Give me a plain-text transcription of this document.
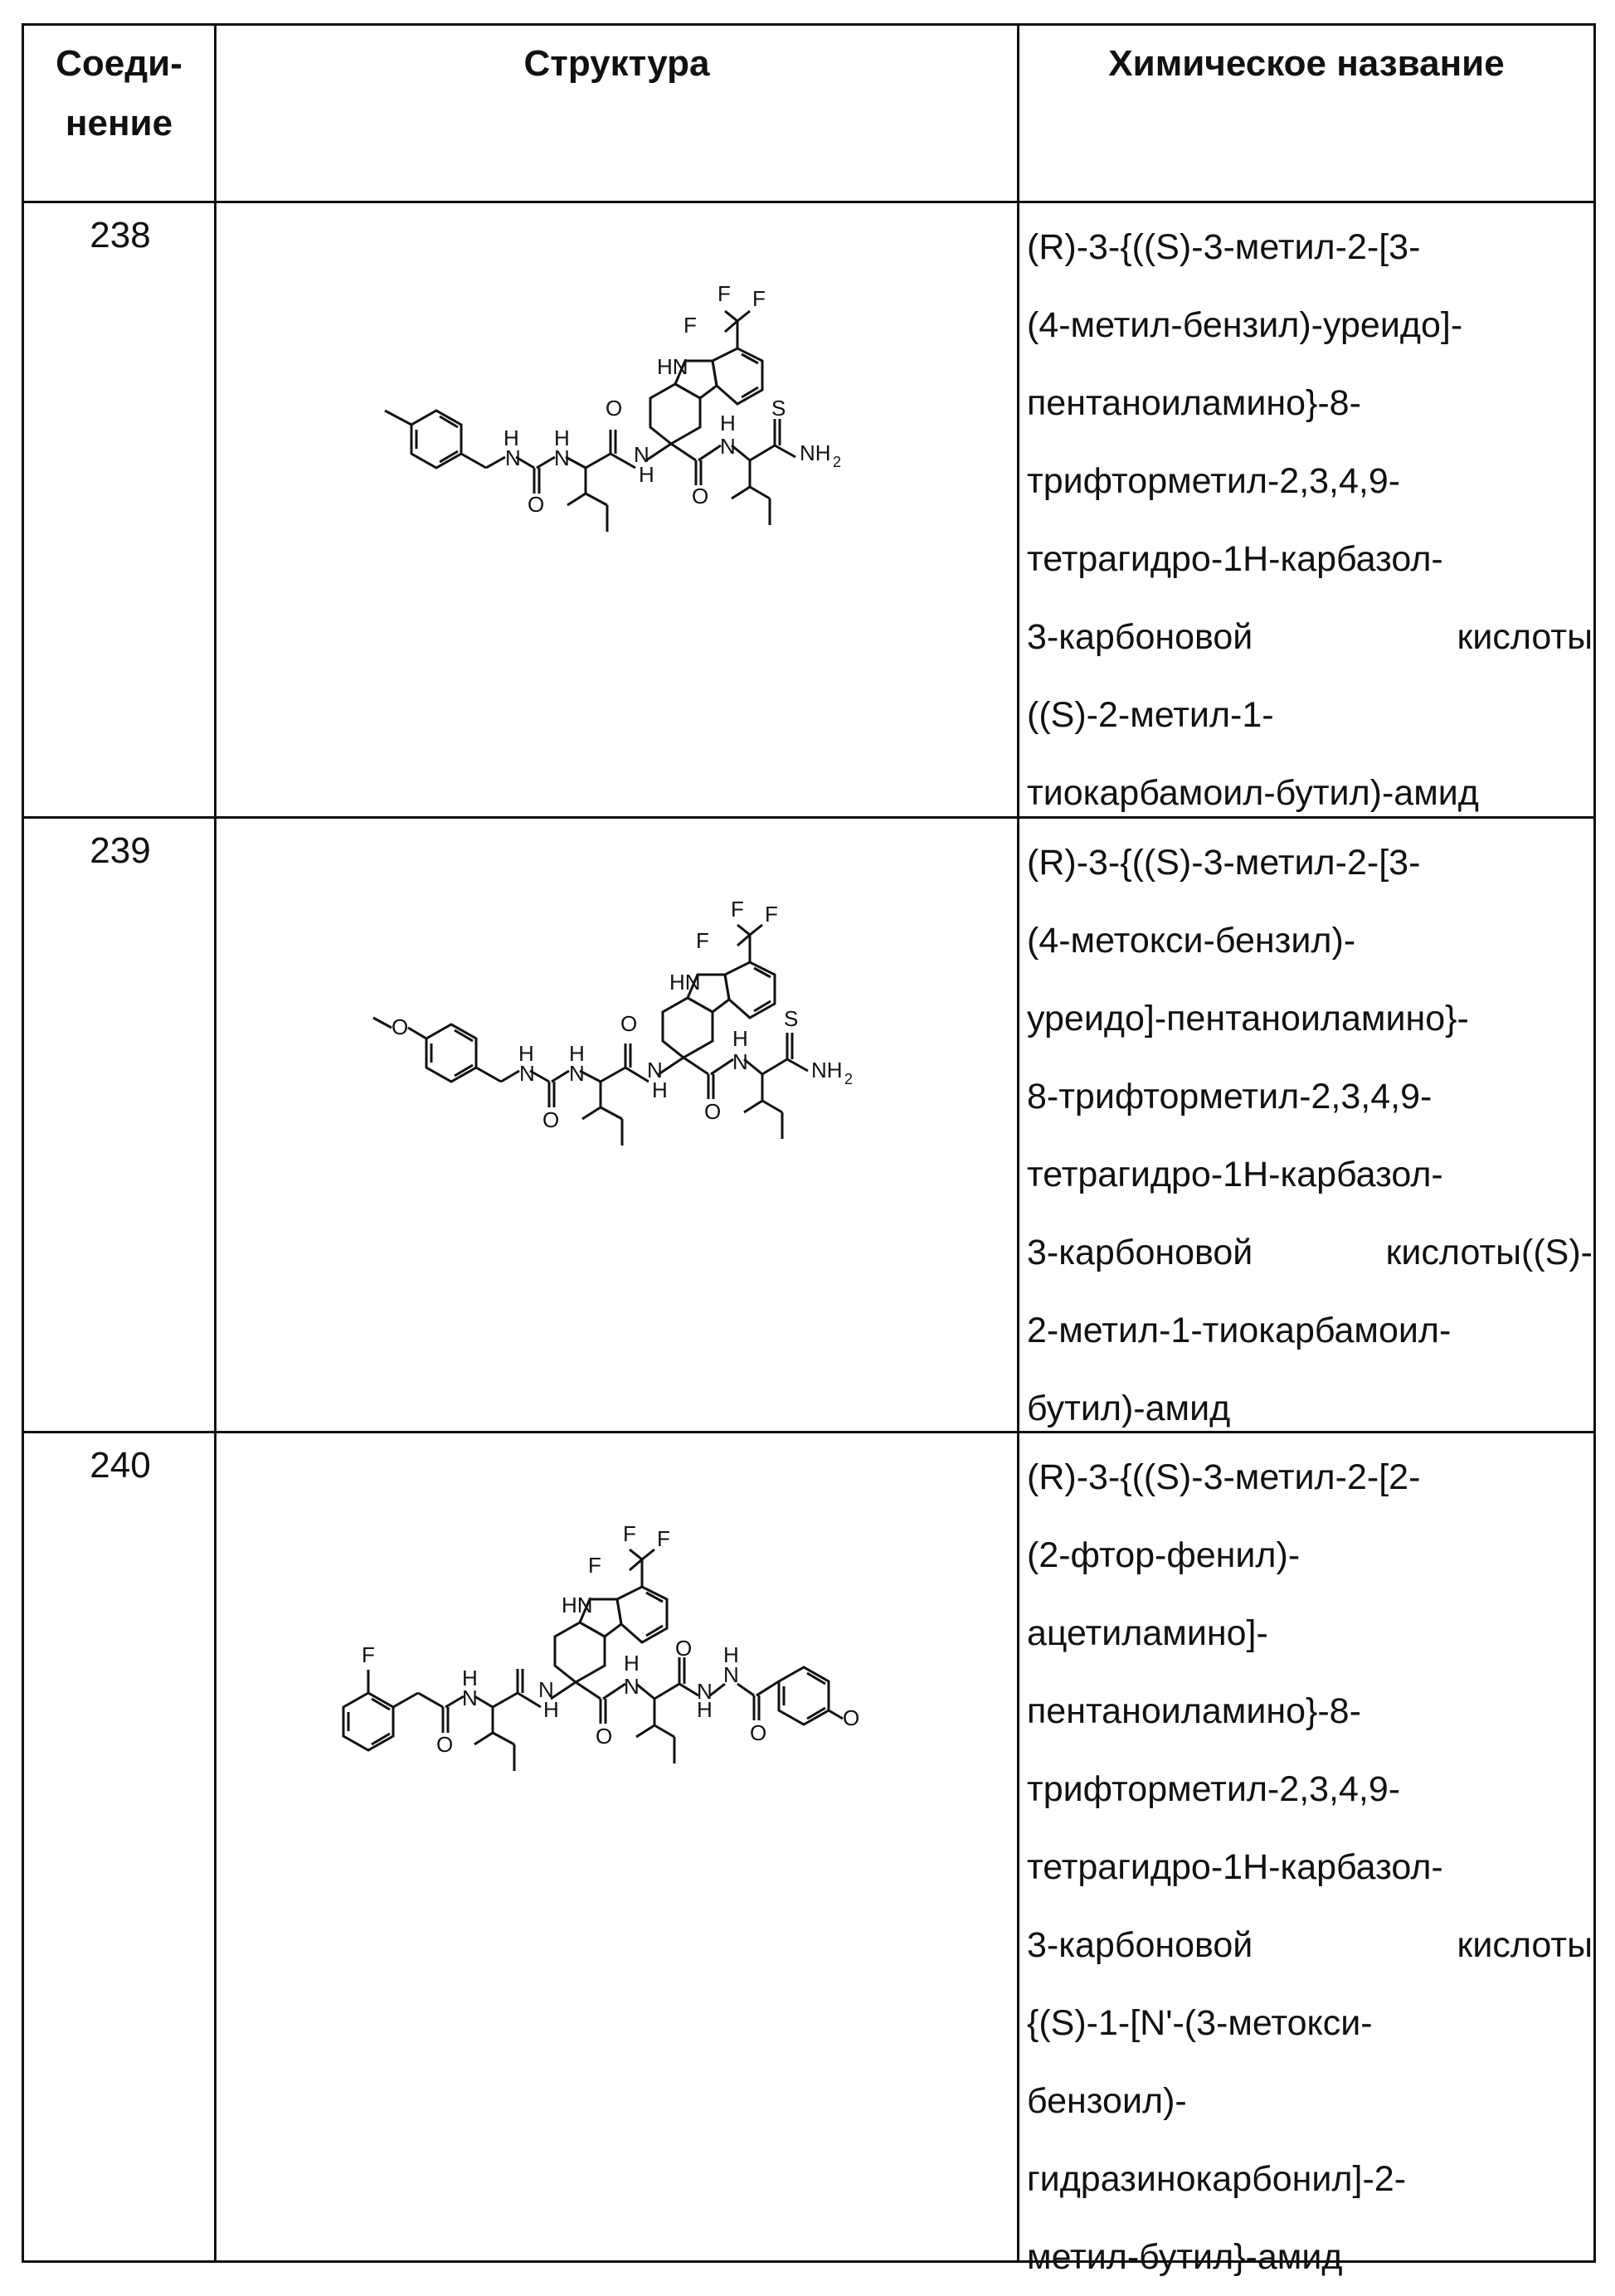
Соеди-
нение
Структура	Химическое название
238
F
F
F
HN
H
N
H
N
O
O
N
H
O
H
N
S
NH 2
(R)-3-{((S)-3-метил-2-[3-
(4-метил-бензил)-уреидо]-
пентаноиламино}-8-
трифторметил-2,3,4,9-
тетрагидро-1Н-карбазол-
3-карбоновой кислоты
((S)-2-метил-1-
тиокарбамоил-бутил)-амид
239
F
F
F
HN
O
H
N
H
N
O
O
N
H
O
H
N
S
NH 2
(R)-3-{((S)-3-метил-2-[3-
(4-метокси-бензил)-
уреидо]-пентаноиламино}-
8-трифторметил-2,3,4,9-
тетрагидро-1Н-карбазол-
3-карбоновой кислоты((S)-
2-метил-1-тиокарбамоил-
бутил)-амид
240
F
F
F
HN
F
H
N
O
N
H
O
H
N
O
N
H
N
H
O
O
(R)-3-{((S)-3-метил-2-[2-
(2-фтор-фенил)-
ацетиламино]-
пентаноиламино}-8-
трифторметил-2,3,4,9-
тетрагидро-1Н-карбазол-
3-карбоновой кислоты
{(S)-1-[N'-(3-метокси-
бензоил)-
гидразинокарбонил]-2-
метил-бутил}-амид
